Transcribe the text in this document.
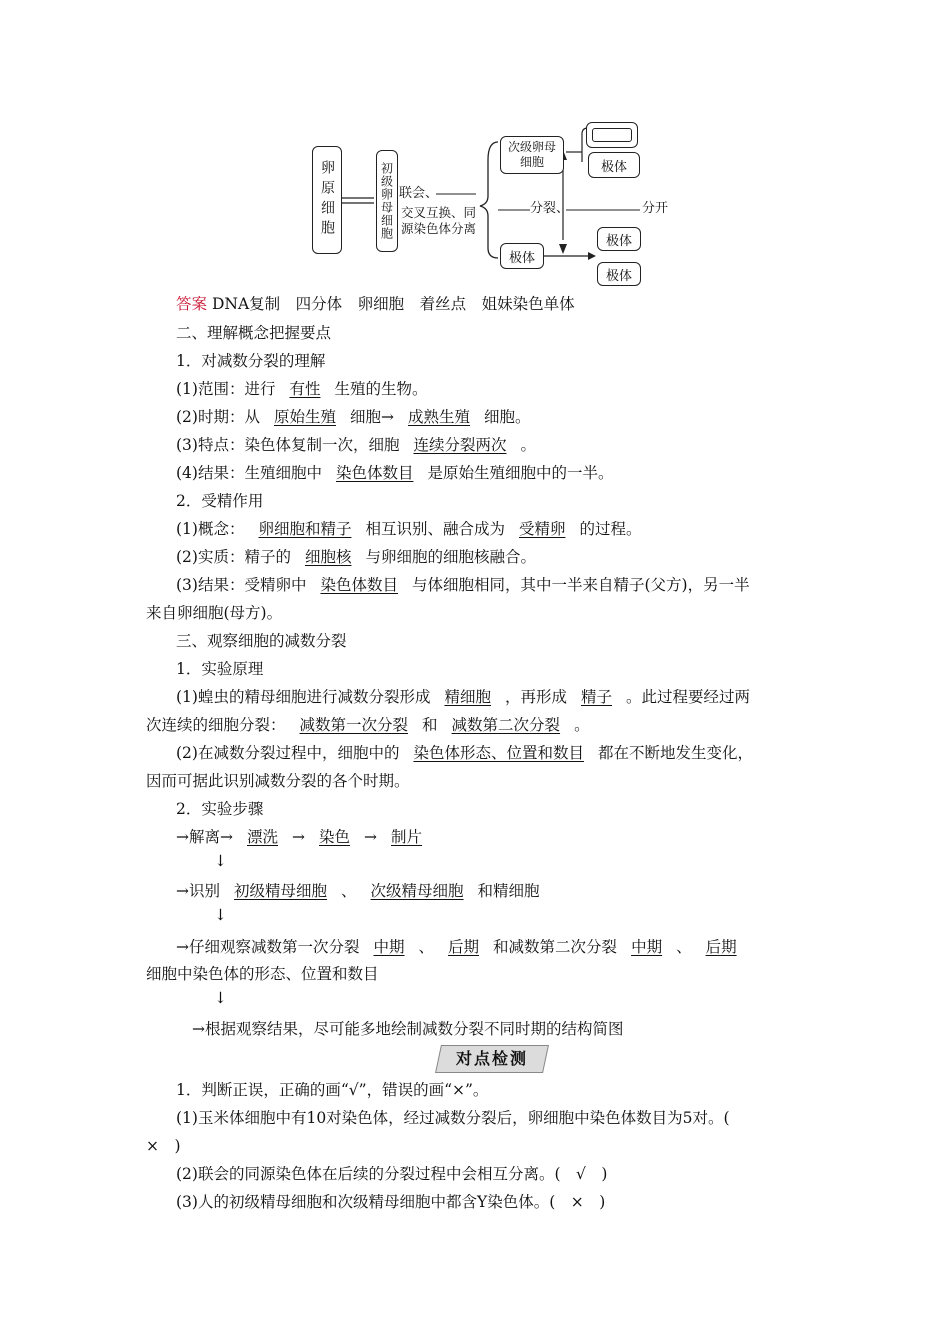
卵原细胞	初级卵母细胞 联会、
交叉互换、同源染色体分离
分裂、	分开
次级卵母细胞	极体
极体
极体
极体
答案 DNA复制　四分体　卵细胞　着丝点　姐妹染色单体
二、理解概念把握要点
1．对减数分裂的理解
(1)范围：进行 有性 生殖的生物。
(2)时期：从 原始生殖 细胞→ 成熟生殖 细胞。
(3)特点：染色体复制一次，细胞 连续分裂两次 。
(4)结果：生殖细胞中 染色体数目 是原始生殖细胞中的一半。
2．受精作用
(1)概念： 卵细胞和精子 相互识别、融合成为 受精卵 的过程。
(2)实质：精子的 细胞核 与卵细胞的细胞核融合。
(3)结果：受精卵中 染色体数目 与体细胞相同，其中一半来自精子(父方)，另一半
来自卵细胞(母方)。
三、观察细胞的减数分裂
1．实验原理
(1)蝗虫的精母细胞进行减数分裂形成 精细胞 ，再形成 精子 。此过程要经过两
次连续的细胞分裂： 减数第一次分裂 和 减数第二次分裂 。
(2)在减数分裂过程中，细胞中的 染色体形态、位置和数目 都在不断地发生变化，
因而可据此识别减数分裂的各个时期。
2．实验步骤
→解离→ 漂洗 → 染色 → 制片
↓
→识别 初级精母细胞 、 次级精母细胞 和精细胞
↓
→仔细观察减数第一次分裂 中期 、 后期 和减数第二次分裂 中期 、 后期
细胞中染色体的形态、位置和数目
↓
→根据观察结果，尽可能多地绘制减数分裂不同时期的结构简图
对点检测
1．判断正误，正确的画“√”，错误的画“×”。
(1)玉米体细胞中有10对染色体，经过减数分裂后，卵细胞中染色体数目为5对。(
×　)
(2)联会的同源染色体在后续的分裂过程中会相互分离。(　√　)
(3)人的初级精母细胞和次级精母细胞中都含Y染色体。(　×　)
